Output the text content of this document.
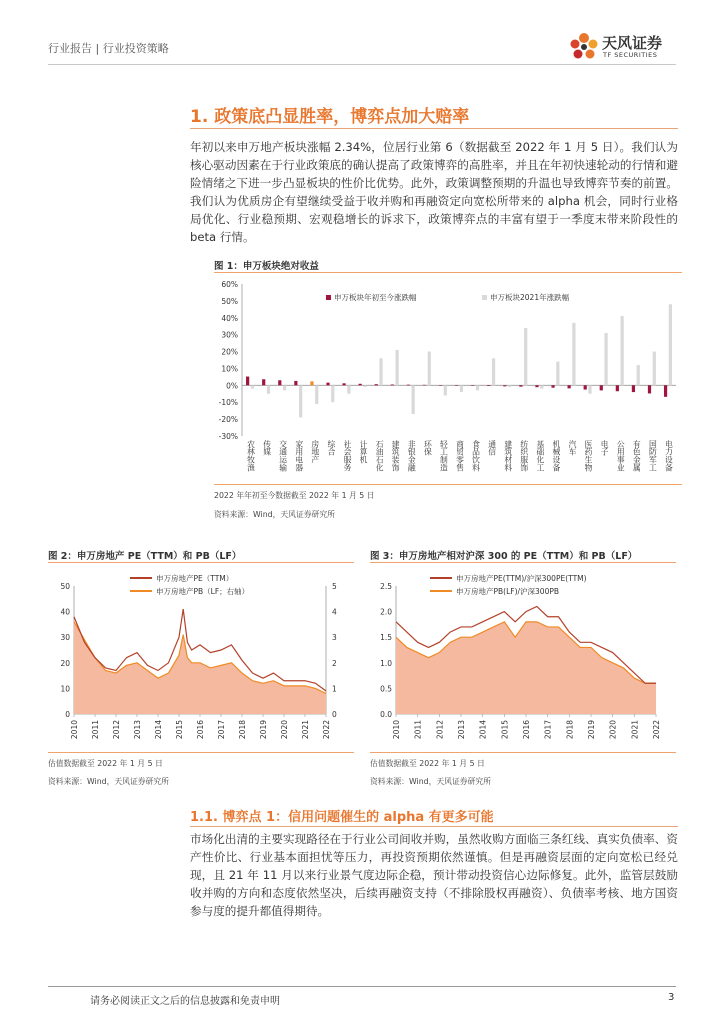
行业报告 | 行业投资策略	天风证券
TF SECURITIES
1. 政策底凸显胜率，博弈点加大赔率

年初以来申万地产板块涨幅 2.34%，位居行业第 6（数据截至 2022 年 1 月 5 日）。我们认为核心驱动因素在于行业政策底的确认提高了政策博弈的高胜率，并且在年初快速轮动的行情和避险情绪之下进一步凸显板块的性价比优势。此外，政策调整预期的升温也导致博弈节奏的前置。我们认为优质房企有望继续受益于收并购和再融资定向宽松所带来的 alpha 机会，同时行业格局优化、行业稳预期、宏观稳增长的诉求下，政策博弈点的丰富有望于一季度末带来阶段性的 beta 行情。

图 1：申万板块绝对收益
60%
50%
40%
30%
20%
10%
0%
-10%
-20%
-30%
农林牧渔 传媒 交通运输 家用电器 房地产 综合 社会服务 计算机 石油石化 建筑装饰 非银金融 环保 轻工制造 商贸零售 食品饮料 通信 建筑材料 纺织服饰 基础化工 机械设备 汽车 医药生物 电子 公用事业 有色金属 国防军工 电力设备
申万板块年初至今涨跌幅	申万板块2021年涨跌幅
2022 年年初至今数据截至 2022 年 1 月 5 日
资料来源：Wind，天风证券研究所
图 2：申万房地产 PE（TTM）和 PB（LF）
2010 2011 2012 2013 2014 2015 2016 2017 2018 2019 2020 2021 2022
0
10
20
30
40
50
0
1
2
3
4
5
申万房地产PE（TTM）
申万房地产PB（LF；右轴）
估值数据截至 2022 年 1 月 5 日
资料来源：Wind，天风证券研究所
图 3：申万房地产相对沪深 300 的 PE（TTM）和 PB（LF）
2010 2011 2012 2013 2014 2015 2016 2017 2018 2019 2020 2021 2022
0.0
0.5
1.0
1.5
2.0
2.5
申万房地产PE(TTM)/沪深300PE(TTM)
申万房地产PB(LF)/沪深300PB
估值数据截至 2022 年 1 月 5 日
资料来源：Wind，天风证券研究所
1.1. 博弈点 1：信用问题催生的 alpha 有更多可能

市场化出清的主要实现路径在于行业公司间收并购，虽然收购方面临三条红线、真实负债率、资产性价比、行业基本面担忧等压力，再投资预期依然谨慎。但是再融资层面的定向宽松已经兑现，且 21 年 11 月以来行业景气度边际企稳，预计带动投资信心边际修复。此外，监管层鼓励收并购的方向和态度依然坚决，后续再融资支持（不排除股权再融资）、负债率考核、地方国资参与度的提升都值得期待。

请务必阅读正文之后的信息披露和免责申明	3
